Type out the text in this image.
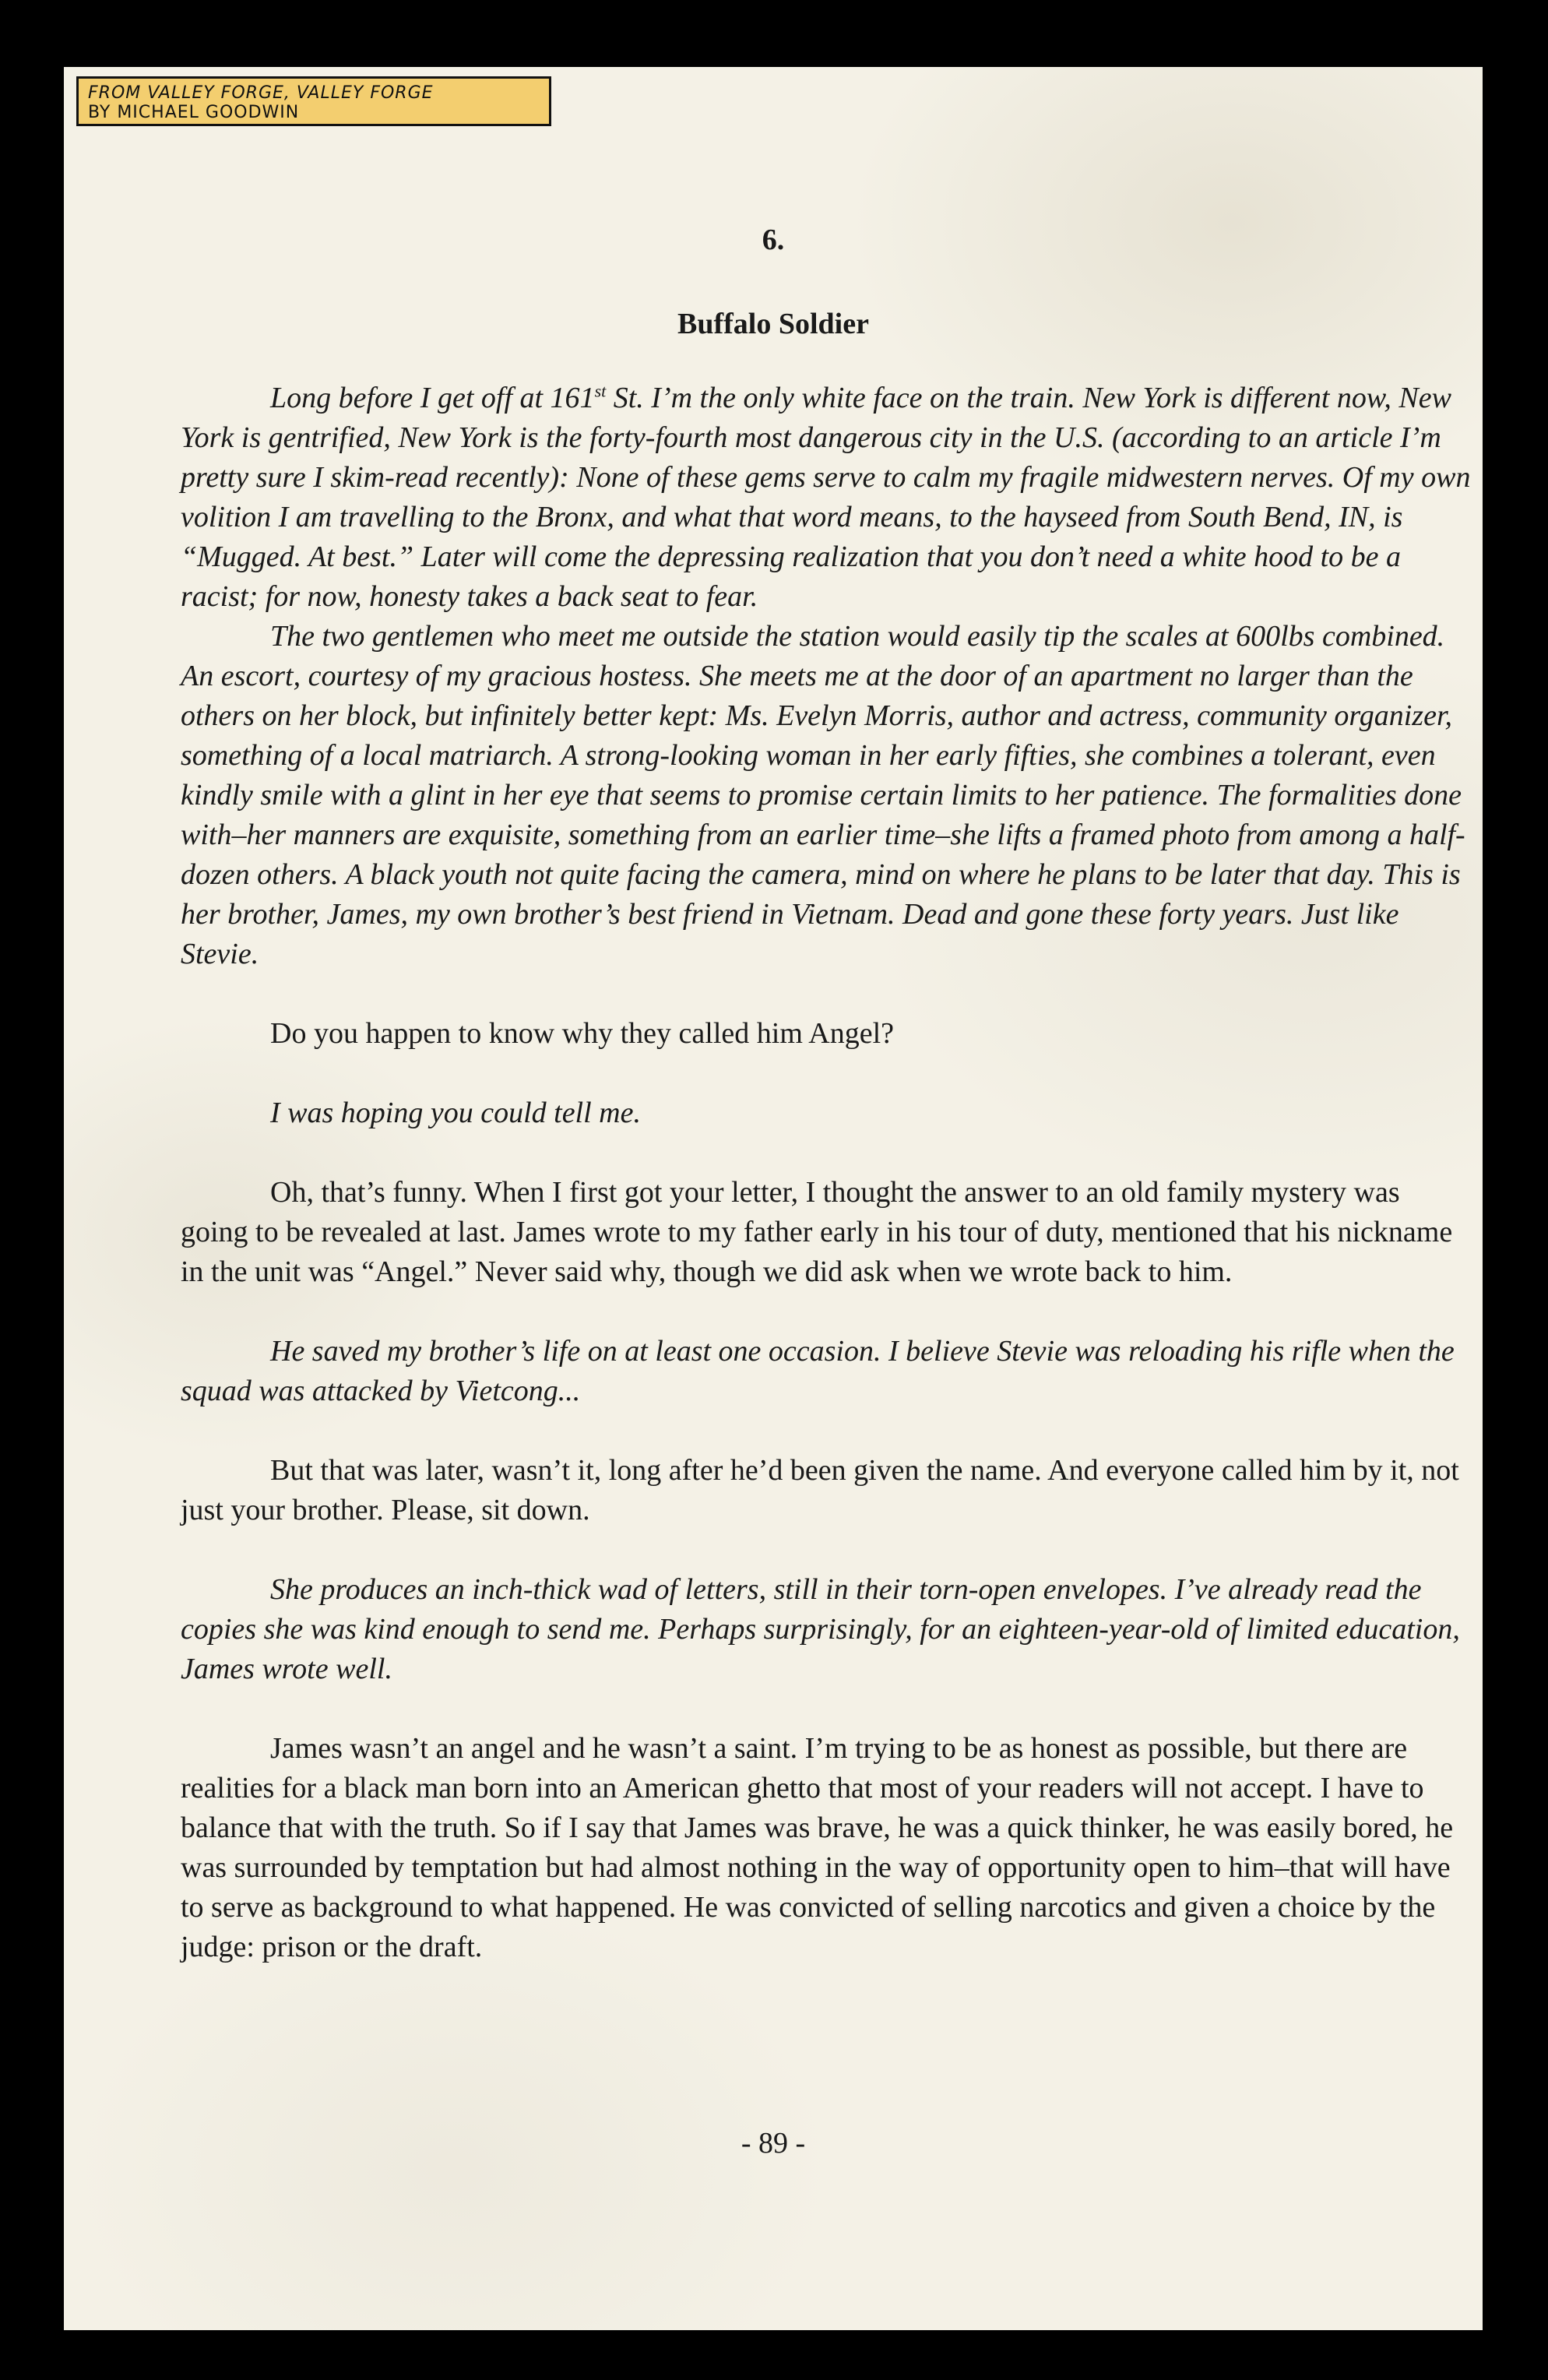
FROM VALLEY FORGE, VALLEY FORGE
BY MICHAEL GOODWIN
6.
Buffalo Soldier

Long before I get off at 161st St. I’m the only white face on the train. New York is different now, New York is gentrified, New York is the forty-fourth most dangerous city in the U.S. (according to an article I’m pretty sure I skim-read recently): None of these gems serve to calm my fragile midwestern nerves. Of my own volition I am travelling to the Bronx, and what that word means, to the hayseed from South Bend, IN, is “Mugged. At best.” Later will come the depressing realization that you don’t need a white hood to be a racist; for now, honesty takes a back seat to fear.

The two gentlemen who meet me outside the station would easily tip the scales at 600lbs combined. An escort, courtesy of my gracious hostess. She meets me at the door of an apartment no larger than the others on her block, but infinitely better kept: Ms. Evelyn Morris, author and actress, community organizer, something of a local matriarch. A strong-looking woman in her early fifties, she combines a tolerant, even kindly smile with a glint in her eye that seems to promise certain limits to her patience. The formalities done with–her manners are exquisite, something from an earlier time–she lifts a framed photo from among a half-dozen others. A black youth not quite facing the camera, mind on where he plans to be later that day. This is her brother, James, my own brother’s best friend in Vietnam. Dead and gone these forty years. Just like Stevie.

Do you happen to know why they called him Angel?

I was hoping you could tell me.

Oh, that’s funny. When I first got your letter, I thought the answer to an old family mystery was going to be revealed at last. James wrote to my father early in his tour of duty, mentioned that his nickname in the unit was “Angel.” Never said why, though we did ask when we wrote back to him.

He saved my brother’s life on at least one occasion. I believe Stevie was reloading his rifle when the squad was attacked by Vietcong...

But that was later, wasn’t it, long after he’d been given the name. And everyone called him by it, not just your brother. Please, sit down.

She produces an inch-thick wad of letters, still in their torn-open envelopes. I’ve already read the copies she was kind enough to send me. Perhaps surprisingly, for an eighteen-year-old of limited education, James wrote well.

James wasn’t an angel and he wasn’t a saint. I’m trying to be as honest as possible, but there are realities for a black man born into an American ghetto that most of your readers will not accept. I have to balance that with the truth. So if I say that James was brave, he was a quick thinker, he was easily bored, he was surrounded by temptation but had almost nothing in the way of opportunity open to him–that will have to serve as background to what happened. He was convicted of selling narcotics and given a choice by the judge: prison or the draft.

- 89 -
